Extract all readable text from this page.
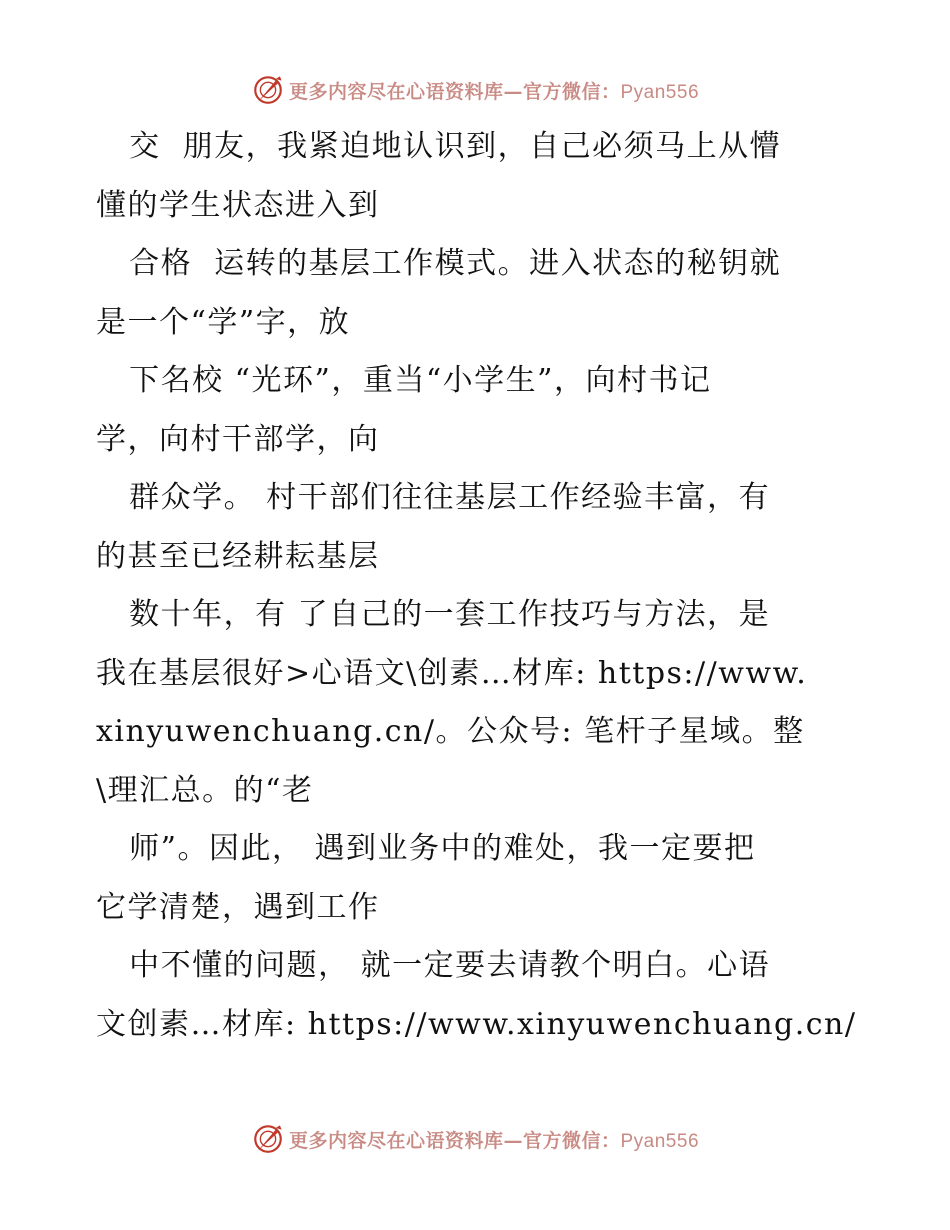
更多内容尽在心语资料库—官方微信：Pyan556
交  朋友，我紧迫地认识到，自己必须马上从懵
懂的学生状态进入到
合格  运转的基层工作模式。进入状态的秘钥就
是一个“学”字，放
下名校 “光环”，重当“小学生”，向村书记
学，向村干部学，向
群众学。 村干部们往往基层工作经验丰富，有
的甚至已经耕耘基层
数十年，有 了自己的一套工作技巧与方法，是
我在基层很好>心语文\创素…材库: https://www.
xinyuwenchuang.cn/。公众号: 笔杆子星域。整
\理汇总。的“老
师”。因此， 遇到业务中的难处，我一定要把
它学清楚，遇到工作
中不懂的问题， 就一定要去请教个明白。心语
文创素…材库: https://www.xinyuwenchuang.cn/
更多内容尽在心语资料库—官方微信：Pyan556
